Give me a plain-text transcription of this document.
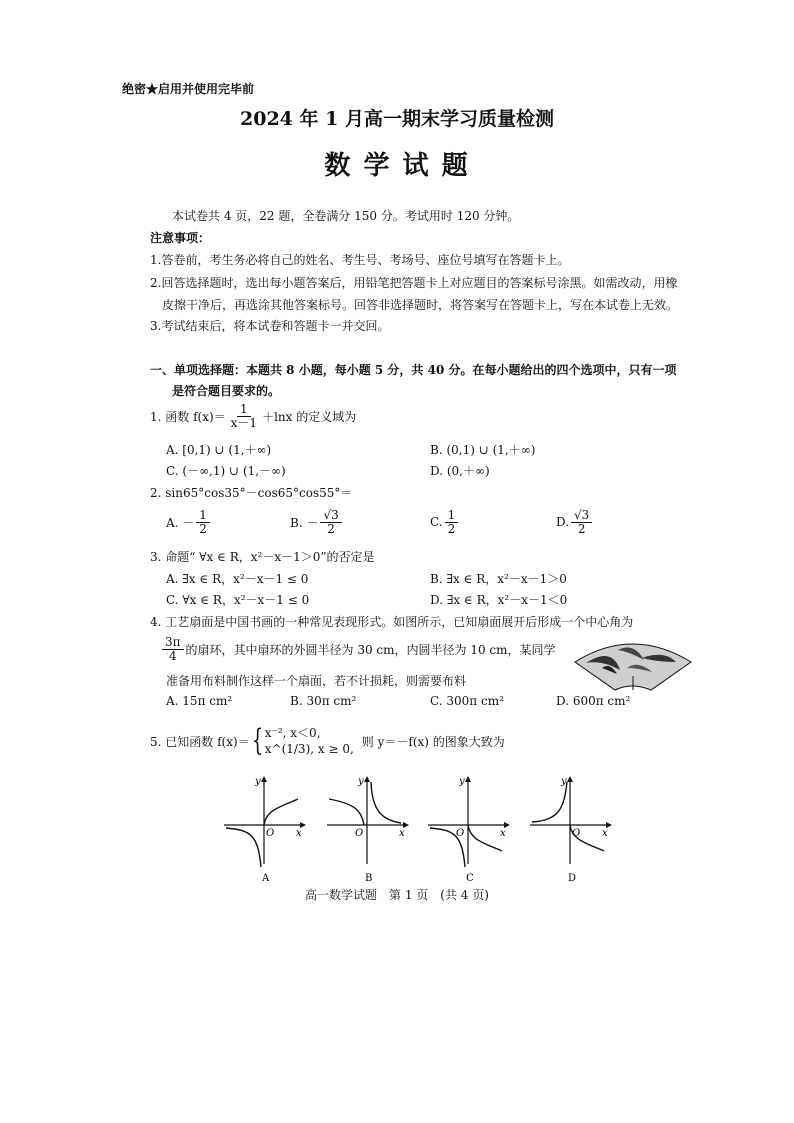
绝密★启用并使用完毕前
2024 年 1 月高一期末学习质量检测
数 学 试 题
本试卷共 4 页，22 题，全卷满分 150 分。考试用时 120 分钟。
注意事项：
1.答卷前，考生务必将自己的姓名、考生号、考场号、座位号填写在答题卡上。
2.回答选择题时，选出每小题答案后，用铅笔把答题卡上对应题目的答案标号涂黑。如需改动，用橡
皮擦干净后，再选涂其他答案标号。回答非选择题时，将答案写在答题卡上，写在本试卷上无效。
3.考试结束后，将本试卷和答题卡一并交回。
一、单项选择题：本题共 8 小题，每小题 5 分，共 40 分。在每小题给出的四个选项中，只有一项
是符合题目要求的。
1. 函数 $f(x)= \frac{1}{x-1} +\ln x$ 的定义域为
A. [0,1) ∪ (1,＋∞)	B. (0,1) ∪ (1,＋∞)
C. (－∞,1) ∪ (1,－∞)	D. (0,＋∞)
2. sin65°cos35°－cos65°cos55°＝
A. － $\frac{1}{2}$	B. － $\frac{√3}{2}$	C. $\frac{1}{2}$	D. $\frac{√3}{2}$
3. 命题“ ∀x ∈ R，x²－x－1＞0”的否定是
A. ∃x ∈ R，x²－x－1 ≤ 0	B. ∃x ∈ R，x²－x－1＞0
C. ∀x ∈ R，x²－x－1 ≤ 0	D. ∃x ∈ R，x²－x－1＜0
4. 工艺扇面是中国书画的一种常见表现形式。如图所示，已知扇面展开后形成一个中心角为
$\frac{3\pi}{4}$ 的扇环，其中扇环的外圆半径为 30 cm，内圆半径为 10 cm，某同学
准备用布料制作这样一个扇面，若不计损耗，则需要布料
A. 15π cm²	B. 30π cm²	C. 300π cm²	D. 600π cm²
5. 已知函数 f(x)＝ { x⁻², x＜0,
x^(1/3), x ≥ 0,
则 y＝－f(x) 的图象大致为
y
x
O
A
y
x
O
B
y
x
O
C
y
x
O
D
高一数学试题　第 1 页　(共 4 页)
